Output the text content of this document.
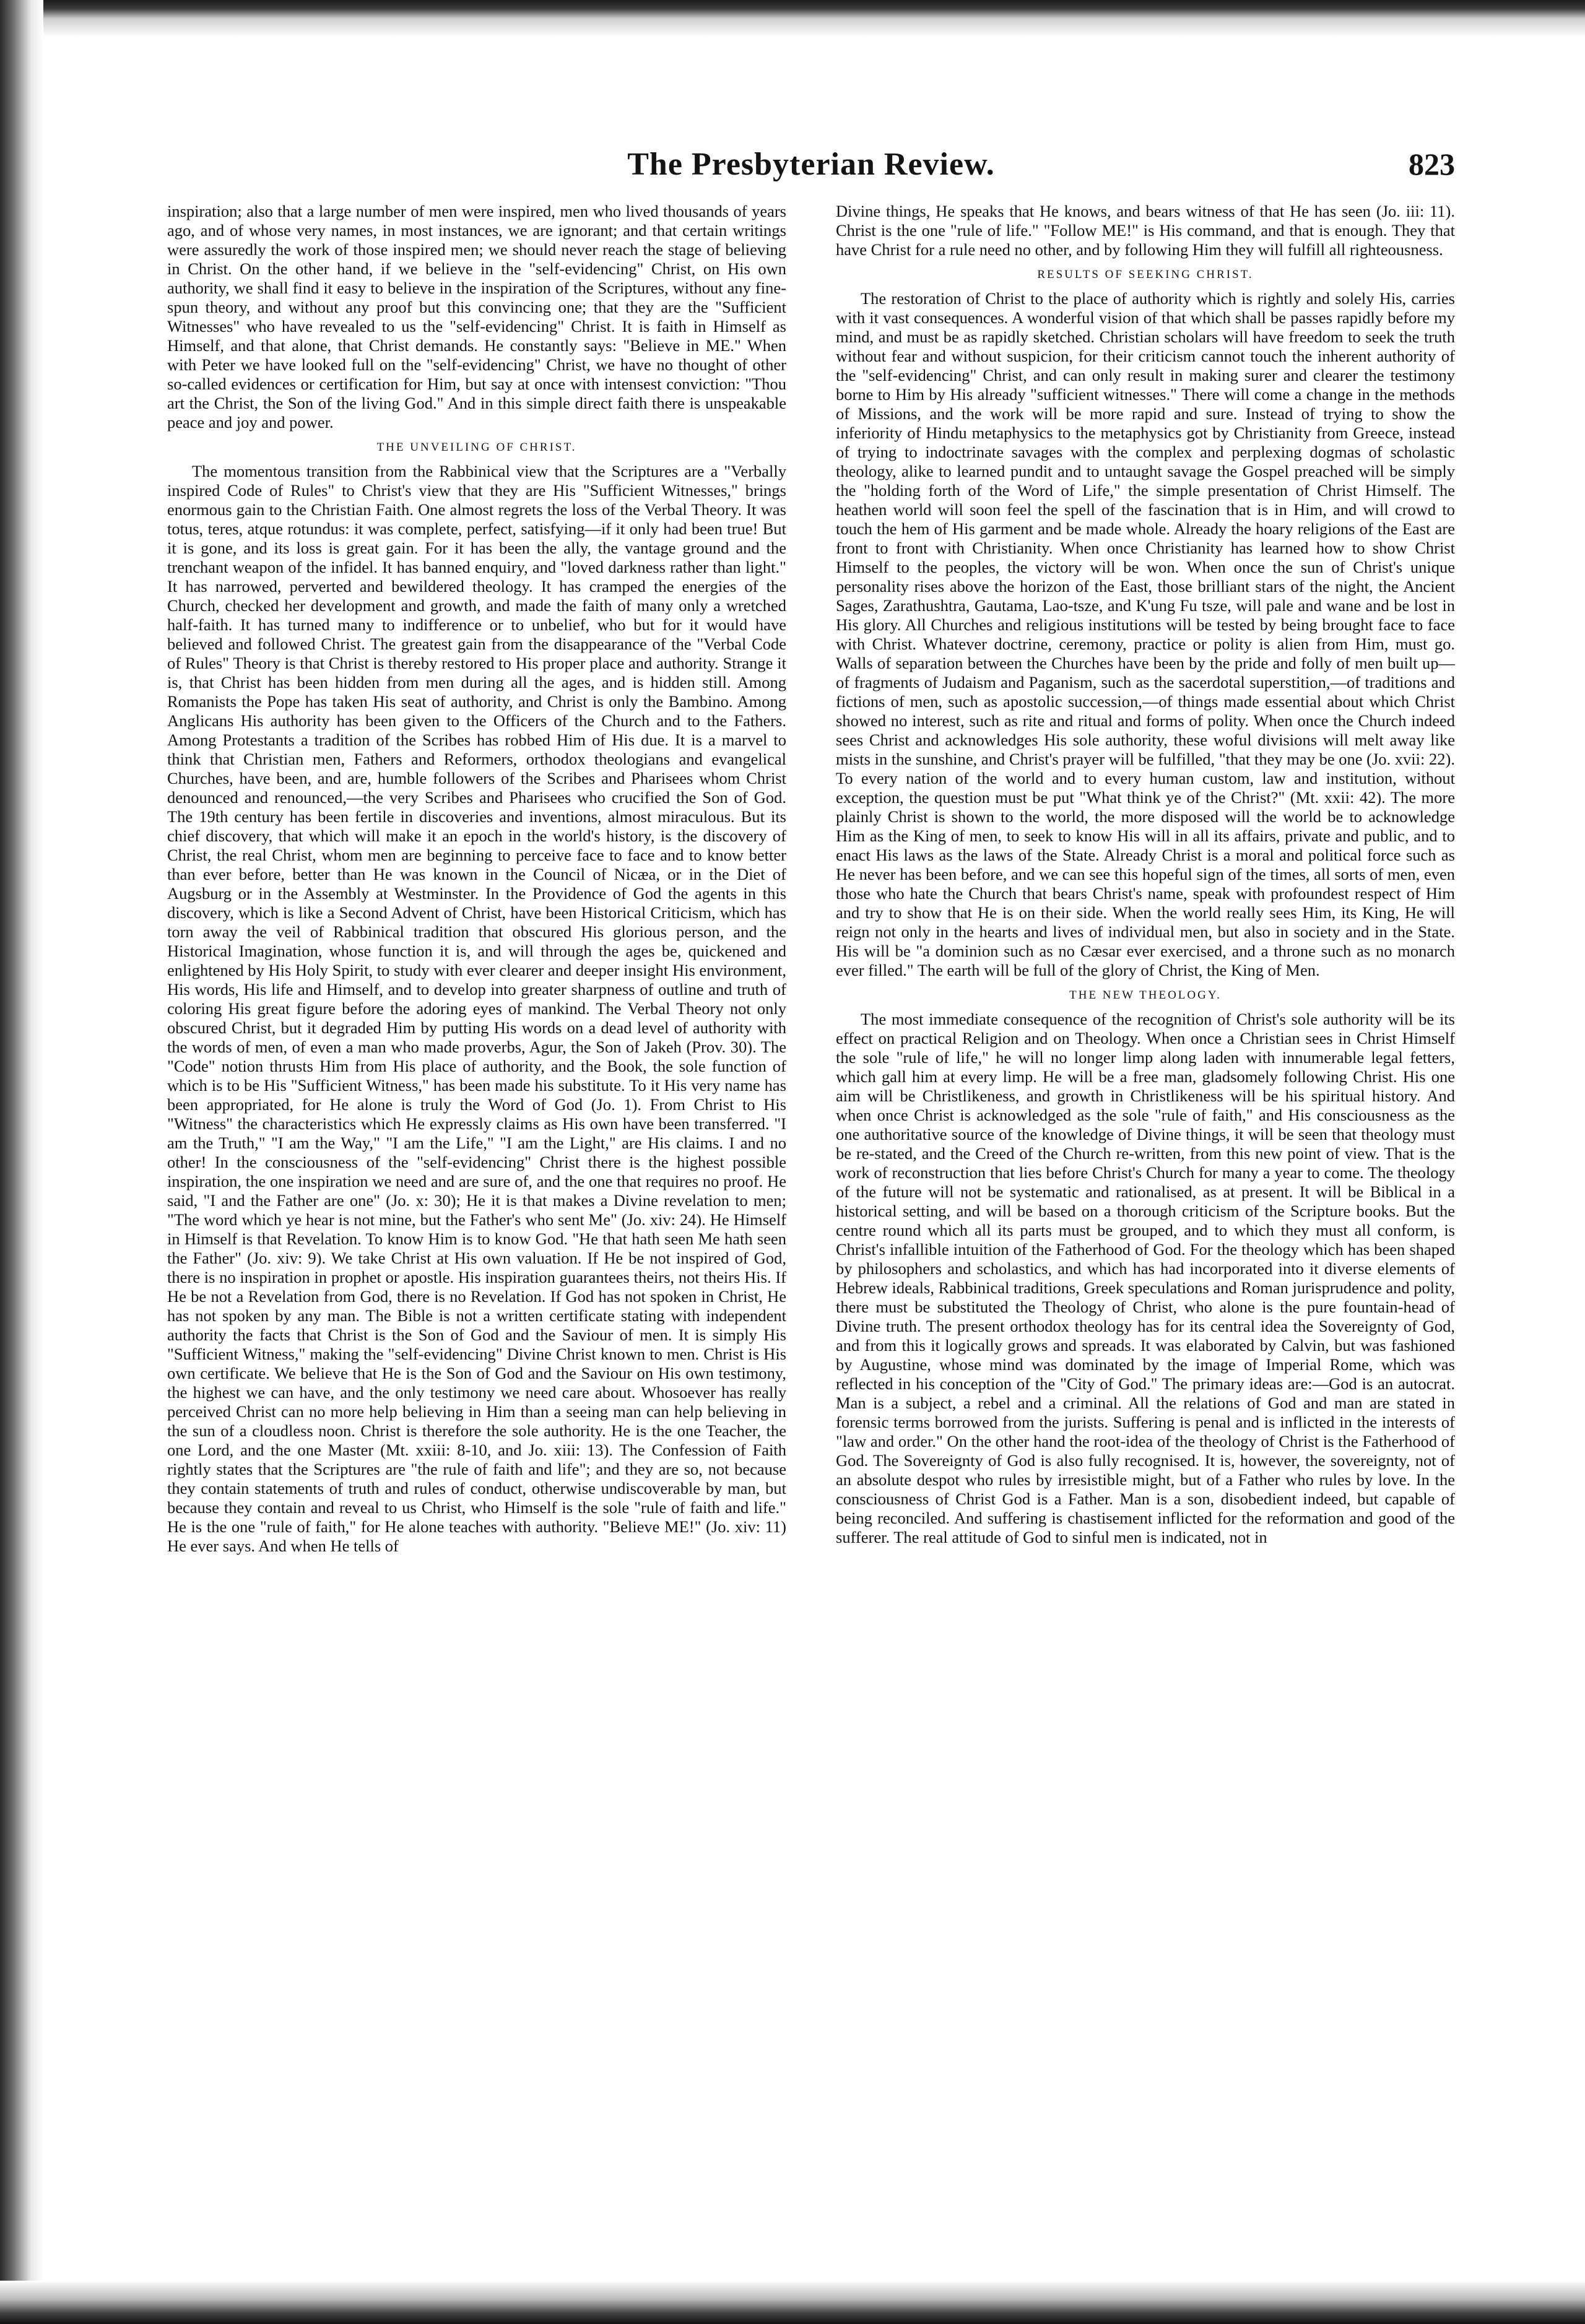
The Presbyterian Review.	823

inspiration; also that a large number of men were inspired, men who lived thousands of years ago, and of whose very names, in most instances, we are ignorant; and that certain writings were assuredly the work of those inspired men; we should never reach the stage of believing in Christ. On the other hand, if we believe in the "self-evidencing" Christ, on His own authority, we shall find it easy to believe in the inspiration of the Scriptures, without any fine-spun theory, and without any proof but this convincing one; that they are the "Sufficient Witnesses" who have revealed to us the "self-evidencing" Christ. It is faith in Himself as Himself, and that alone, that Christ demands. He constantly says: "Believe in ME." When with Peter we have looked full on the "self-evidencing" Christ, we have no thought of other so-called evidences or certification for Him, but say at once with intensest conviction: "Thou art the Christ, the Son of the living God." And in this simple direct faith there is unspeakable peace and joy and power.

THE UNVEILING OF CHRIST.

The momentous transition from the Rabbinical view that the Scriptures are a "Verbally inspired Code of Rules" to Christ's view that they are His "Sufficient Witnesses," brings enormous gain to the Christian Faith. One almost regrets the loss of the Verbal Theory. It was totus, teres, atque rotundus: it was complete, perfect, satisfying—if it only had been true! But it is gone, and its loss is great gain. For it has been the ally, the vantage ground and the trenchant weapon of the infidel. It has banned enquiry, and "loved darkness rather than light." It has narrowed, perverted and bewildered theology. It has cramped the energies of the Church, checked her development and growth, and made the faith of many only a wretched half-faith. It has turned many to indifference or to unbelief, who but for it would have believed and followed Christ. The greatest gain from the disappearance of the "Verbal Code of Rules" Theory is that Christ is thereby restored to His proper place and authority. Strange it is, that Christ has been hidden from men during all the ages, and is hidden still. Among Romanists the Pope has taken His seat of authority, and Christ is only the Bambino. Among Anglicans His authority has been given to the Officers of the Church and to the Fathers. Among Protestants a tradition of the Scribes has robbed Him of His due. It is a marvel to think that Christian men, Fathers and Reformers, orthodox theologians and evangelical Churches, have been, and are, humble followers of the Scribes and Pharisees whom Christ denounced and renounced,—the very Scribes and Pharisees who crucified the Son of God. The 19th century has been fertile in discoveries and inventions, almost miraculous. But its chief discovery, that which will make it an epoch in the world's history, is the discovery of Christ, the real Christ, whom men are beginning to perceive face to face and to know better than ever before, better than He was known in the Council of Nicæa, or in the Diet of Augsburg or in the Assembly at Westminster. In the Providence of God the agents in this discovery, which is like a Second Advent of Christ, have been Historical Criticism, which has torn away the veil of Rabbinical tradition that obscured His glorious person, and the Historical Imagination, whose function it is, and will through the ages be, quickened and enlightened by His Holy Spirit, to study with ever clearer and deeper insight His environment, His words, His life and Himself, and to develop into greater sharpness of outline and truth of coloring His great figure before the adoring eyes of mankind. The Verbal Theory not only obscured Christ, but it degraded Him by putting His words on a dead level of authority with the words of men, of even a man who made proverbs, Agur, the Son of Jakeh (Prov. 30). The "Code" notion thrusts Him from His place of authority, and the Book, the sole function of which is to be His "Sufficient Witness," has been made his substitute. To it His very name has been appropriated, for He alone is truly the Word of God (Jo. 1). From Christ to His "Witness" the characteristics which He expressly claims as His own have been transferred. "I am the Truth," "I am the Way," "I am the Life," "I am the Light," are His claims. I and no other! In the consciousness of the "self-evidencing" Christ there is the highest possible inspiration, the one inspiration we need and are sure of, and the one that requires no proof. He said, "I and the Father are one" (Jo. x: 30); He it is that makes a Divine revelation to men; "The word which ye hear is not mine, but the Father's who sent Me" (Jo. xiv: 24). He Himself in Himself is that Revelation. To know Him is to know God. "He that hath seen Me hath seen the Father" (Jo. xiv: 9). We take Christ at His own valuation. If He be not inspired of God, there is no inspiration in prophet or apostle. His inspiration guarantees theirs, not theirs His. If He be not a Revelation from God, there is no Revelation. If God has not spoken in Christ, He has not spoken by any man. The Bible is not a written certificate stating with independent authority the facts that Christ is the Son of God and the Saviour of men. It is simply His "Sufficient Witness," making the "self-evidencing" Divine Christ known to men. Christ is His own certificate. We believe that He is the Son of God and the Saviour on His own testimony, the highest we can have, and the only testimony we need care about. Whosoever has really perceived Christ can no more help believing in Him than a seeing man can help believing in the sun of a cloudless noon. Christ is therefore the sole authority. He is the one Teacher, the one Lord, and the one Master (Mt. xxiii: 8-10, and Jo. xiii: 13). The Confession of Faith rightly states that the Scriptures are "the rule of faith and life"; and they are so, not because they contain statements of truth and rules of conduct, otherwise undiscoverable by man, but because they contain and reveal to us Christ, who Himself is the sole "rule of faith and life." He is the one "rule of faith," for He alone teaches with authority. "Believe ME!" (Jo. xiv: 11) He ever says. And when He tells of

Divine things, He speaks that He knows, and bears witness of that He has seen (Jo. iii: 11). Christ is the one "rule of life." "Follow ME!" is His command, and that is enough. They that have Christ for a rule need no other, and by following Him they will fulfill all righteousness.

RESULTS OF SEEKING CHRIST.

The restoration of Christ to the place of authority which is rightly and solely His, carries with it vast consequences. A wonderful vision of that which shall be passes rapidly before my mind, and must be as rapidly sketched. Christian scholars will have freedom to seek the truth without fear and without suspicion, for their criticism cannot touch the inherent authority of the "self-evidencing" Christ, and can only result in making surer and clearer the testimony borne to Him by His already "sufficient witnesses." There will come a change in the methods of Missions, and the work will be more rapid and sure. Instead of trying to show the inferiority of Hindu metaphysics to the metaphysics got by Christianity from Greece, instead of trying to indoctrinate savages with the complex and perplexing dogmas of scholastic theology, alike to learned pundit and to untaught savage the Gospel preached will be simply the "holding forth of the Word of Life," the simple presentation of Christ Himself. The heathen world will soon feel the spell of the fascination that is in Him, and will crowd to touch the hem of His garment and be made whole. Already the hoary religions of the East are front to front with Christianity. When once Christianity has learned how to show Christ Himself to the peoples, the victory will be won. When once the sun of Christ's unique personality rises above the horizon of the East, those brilliant stars of the night, the Ancient Sages, Zarathushtra, Gautama, Lao-tsze, and K'ung Fu tsze, will pale and wane and be lost in His glory. All Churches and religious institutions will be tested by being brought face to face with Christ. Whatever doctrine, ceremony, practice or polity is alien from Him, must go. Walls of separation between the Churches have been by the pride and folly of men built up—of fragments of Judaism and Paganism, such as the sacerdotal superstition,—of traditions and fictions of men, such as apostolic succession,—of things made essential about which Christ showed no interest, such as rite and ritual and forms of polity. When once the Church indeed sees Christ and acknowledges His sole authority, these woful divisions will melt away like mists in the sunshine, and Christ's prayer will be fulfilled, "that they may be one (Jo. xvii: 22). To every nation of the world and to every human custom, law and institution, without exception, the question must be put "What think ye of the Christ?" (Mt. xxii: 42). The more plainly Christ is shown to the world, the more disposed will the world be to acknowledge Him as the King of men, to seek to know His will in all its affairs, private and public, and to enact His laws as the laws of the State. Already Christ is a moral and political force such as He never has been before, and we can see this hopeful sign of the times, all sorts of men, even those who hate the Church that bears Christ's name, speak with profoundest respect of Him and try to show that He is on their side. When the world really sees Him, its King, He will reign not only in the hearts and lives of individual men, but also in society and in the State. His will be "a dominion such as no Cæsar ever exercised, and a throne such as no monarch ever filled." The earth will be full of the glory of Christ, the King of Men.

THE NEW THEOLOGY.

The most immediate consequence of the recognition of Christ's sole authority will be its effect on practical Religion and on Theology. When once a Christian sees in Christ Himself the sole "rule of life," he will no longer limp along laden with innumerable legal fetters, which gall him at every limp. He will be a free man, gladsomely following Christ. His one aim will be Christlikeness, and growth in Christlikeness will be his spiritual history. And when once Christ is acknowledged as the sole "rule of faith," and His consciousness as the one authoritative source of the knowledge of Divine things, it will be seen that theology must be re-stated, and the Creed of the Church re-written, from this new point of view. That is the work of reconstruction that lies before Christ's Church for many a year to come. The theology of the future will not be systematic and rationalised, as at present. It will be Biblical in a historical setting, and will be based on a thorough criticism of the Scripture books. But the centre round which all its parts must be grouped, and to which they must all conform, is Christ's infallible intuition of the Fatherhood of God. For the theology which has been shaped by philosophers and scholastics, and which has had incorporated into it diverse elements of Hebrew ideals, Rabbinical traditions, Greek speculations and Roman jurisprudence and polity, there must be substituted the Theology of Christ, who alone is the pure fountain-head of Divine truth. The present orthodox theology has for its central idea the Sovereignty of God, and from this it logically grows and spreads. It was elaborated by Calvin, but was fashioned by Augustine, whose mind was dominated by the image of Imperial Rome, which was reflected in his conception of the "City of God." The primary ideas are:—God is an autocrat. Man is a subject, a rebel and a criminal. All the relations of God and man are stated in forensic terms borrowed from the jurists. Suffering is penal and is inflicted in the interests of "law and order." On the other hand the root-idea of the theology of Christ is the Fatherhood of God. The Sovereignty of God is also fully recognised. It is, however, the sovereignty, not of an absolute despot who rules by irresistible might, but of a Father who rules by love. In the consciousness of Christ God is a Father. Man is a son, disobedient indeed, but capable of being reconciled. And suffering is chastisement inflicted for the reformation and good of the sufferer. The real attitude of God to sinful men is indicated, not in
